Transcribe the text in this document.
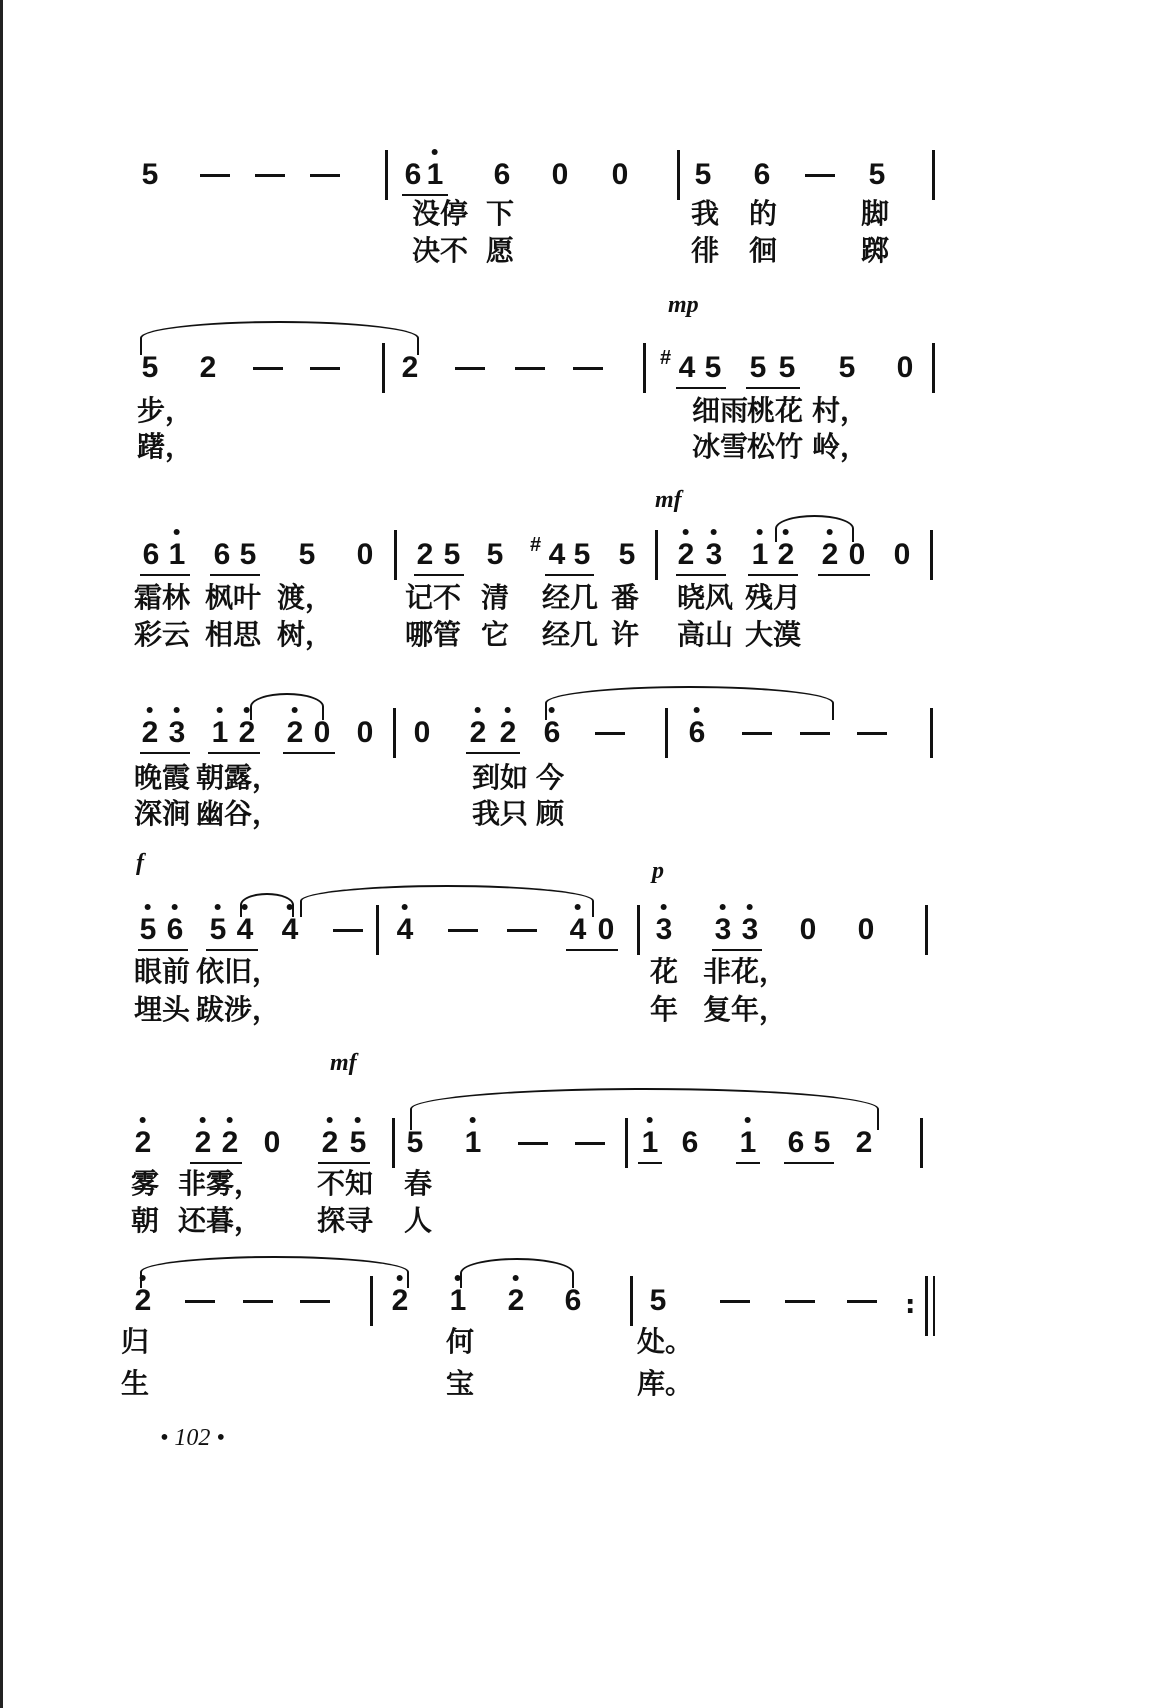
5	6 1 6 0 0 5 6	5
没停 下	我 的	脚
决不 愿	徘 徊	踯
mp
5 2	2	# 4 5 5 5 5 0
步，	细雨
桃花 村，
躇，	冰雪
松竹 岭，
mf
6 1 6 5 5 0 2 5 5 # 4 5 5 2 3 1 2 2 0 0
霜林 枫叶 渡，	记不 清 经几 番 晓风 残月
彩云 相思 树，	哪管 它 经几 许 高山 大漠
2 3 1 2 2 0 0 0 2 2 6	6
晚霞 朝露，	到如 今
深涧 幽谷，	我只 顾
f	p
5 6 5 4 4	4	4 0 3 3 3 0 0
眼前 依旧，	花 非花，
埋头 跋涉，	年 复年，
mf
2 2 2 0 2 5 5 1	1 6 1 6 5 2
雾 非雾， 不知 春
朝 还暮， 探寻 人
2	2 1 2 6 5	:
归	何	处。
生	宝	库。
• 102 •
